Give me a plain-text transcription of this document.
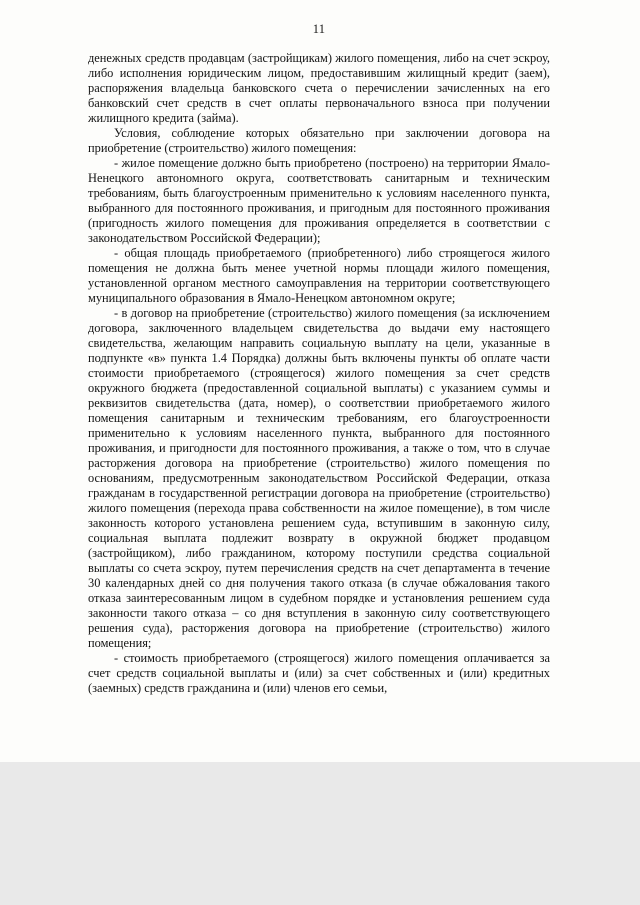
11

денежных средств продавцам (застройщикам) жилого помещения, либо на счет эскроу, либо исполнения юридическим лицом, предоставившим жилищный кредит (заем), распоряжения владельца банковского счета о перечислении зачисленных на его банковский счет средств в счет оплаты первоначального взноса при получении жилищного кредита (займа).

Условия, соблюдение которых обязательно при заключении договора на приобретение (строительство) жилого помещения:

- жилое помещение должно быть приобретено (построено) на территории Ямало-Ненецкого автономного округа, соответствовать санитарным и техническим требованиям, быть благоустроенным применительно к условиям населенного пункта, выбранного для постоянного проживания, и пригодным для постоянного проживания (пригодность жилого помещения для проживания определяется в соответствии с законодательством Российской Федерации);

- общая площадь приобретаемого (приобретенного) либо строящегося жилого помещения не должна быть менее учетной нормы площади жилого помещения, установленной органом местного самоуправления на территории соответствующего муниципального образования в Ямало-Ненецком автономном округе;

- в договор на приобретение (строительство) жилого помещения (за исключением договора, заключенного владельцем свидетельства до выдачи ему настоящего свидетельства, желающим направить социальную выплату на цели, указанные в подпункте «в» пункта 1.4 Порядка) должны быть включены пункты об оплате части стоимости приобретаемого (строящегося) жилого помещения за счет средств окружного бюджета (предоставленной социальной выплаты) с указанием суммы и реквизитов свидетельства (дата, номер), о соответствии приобретаемого жилого помещения санитарным и техническим требованиям, его благоустроенности применительно к условиям населенного пункта, выбранного для постоянного проживания, и пригодности для постоянного проживания, а также о том, что в случае расторжения договора на приобретение (строительство) жилого помещения по основаниям, предусмотренным законодательством Российской Федерации, отказа гражданам в государственной регистрации договора на приобретение (строительство) жилого помещения (перехода права собственности на жилое помещение), в том числе законность которого установлена решением суда, вступившим в законную силу, социальная выплата подлежит возврату в окружной бюджет продавцом (застройщиком), либо гражданином, которому поступили средства социальной выплаты со счета эскроу, путем перечисления средств на счет департамента в течение 30 календарных дней со дня получения такого отказа (в случае обжалования такого отказа заинтересованным лицом в судебном порядке и установления решением суда законности такого отказа – со дня вступления в законную силу соответствующего решения суда), расторжения договора на приобретение (строительство) жилого помещения;

- стоимость приобретаемого (строящегося) жилого помещения оплачивается за счет средств социальной выплаты и (или) за счет собственных и (или) кредитных (заемных) средств гражданина и (или) членов его семьи,
